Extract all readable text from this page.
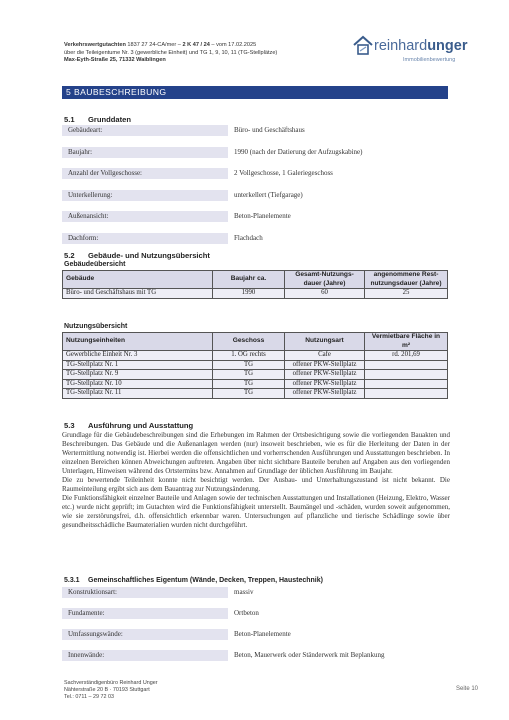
Verkehrswertgutachten 1837 27 24-CA/mer – 2 K 47 / 24 – vom 17.02.2025
über die Teileigentume Nr. 3 (gewerbliche Einheit) und TG 1, 9, 10, 11 (TG-Stellplätze)
Max-Eyth-Straße 25, 71332 Waiblingen
reinhardunger
Immobilienbewertung
5 BAUBESCHREIBUNG
5.1 Grunddaten
Gebäudeart:	Büro- und Geschäftshaus
Baujahr:	1990 (nach der Datierung der Aufzugskabine)
Anzahl der Vollgeschosse:	2 Vollgeschosse, 1 Galeriegeschoss
Unterkellerung:	unterkellert (Tiefgarage)
Außenansicht:	Beton-Planelemente
Dachform:	Flachdach
5.2 Gebäude- und Nutzungsübersicht
Gebäudeübersicht
Gebäude	Baujahr ca.	Gesamt-Nutzungs-dauer (Jahre)	angenommene Rest-nutzungsdauer (Jahre)
Büro- und Geschäftshaus mit TG	1990	60	25
Nutzungsübersicht
Nutzungseinheiten	Geschoss	Nutzungsart	Vermietbare Fläche in m²
Gewerbliche Einheit Nr. 3	1. OG rechts	Cafe	rd. 201,69
TG-Stellplatz Nr. 1	TG	offener PKW-Stellplatz	
TG-Stellplatz Nr. 9	TG	offener PKW-Stellplatz	
TG-Stellplatz Nr. 10	TG	offener PKW-Stellplatz	
TG-Stellplatz Nr. 11	TG	offener PKW-Stellplatz	
5.3 Ausführung und Ausstattung

Grundlage für die Gebäudebeschreibungen sind die Erhebungen im Rahmen der Ortsbesichtigung sowie die vorliegenden Bauakten und Beschreibungen. Das Gebäude und die Außenanlagen werden (nur) insoweit beschrieben, wie es für die Herleitung der Daten in der Wertermittlung notwendig ist. Hierbei werden die offensichtlichen und vorherrschenden Ausführungen und Ausstattungen beschrieben. In einzelnen Bereichen können Abweichungen auftreten. Angaben über nicht sichtbare Bauteile beruhen auf Angaben aus den vorliegenden Unterlagen, Hinweisen während des Ortstermins bzw. Annahmen auf Grundlage der üblichen Ausführung im Baujahr.

Die zu bewertende Teileinheit konnte nicht besichtigt werden. Der Ausbau- und Unterhaltungszustand ist nicht bekannt. Die Raumeinteilung ergibt sich aus dem Bauantrag zur Nutzungsänderung.

Die Funktionsfähigkeit einzelner Bauteile und Anlagen sowie der technischen Ausstattungen und Installationen (Heizung, Elektro, Wasser etc.) wurde nicht geprüft; im Gutachten wird die Funktionsfähigkeit unterstellt. Baumängel und -schäden, wurden soweit aufgenommen, wie sie zerstörungsfrei, d.h. offensichtlich erkennbar waren. Untersuchungen auf pflanzliche und tierische Schädlinge sowie über gesundheitsschädliche Baumaterialien wurden nicht durchgeführt.

5.3.1 Gemeinschaftliches Eigentum (Wände, Decken, Treppen, Haustechnik)
Konstruktionsart:	massiv
Fundamente:	Ortbeton
Umfassungswände:	Beton-Planelemente
Innenwände:	Beton, Mauerwerk oder Ständerwerk mit Beplankung
Sachverständigenbüro Reinhard Unger
Nähterstraße 20 B · 70193 Stuttgart
Tel.: 0711 – 29 72 03
Seite 10
